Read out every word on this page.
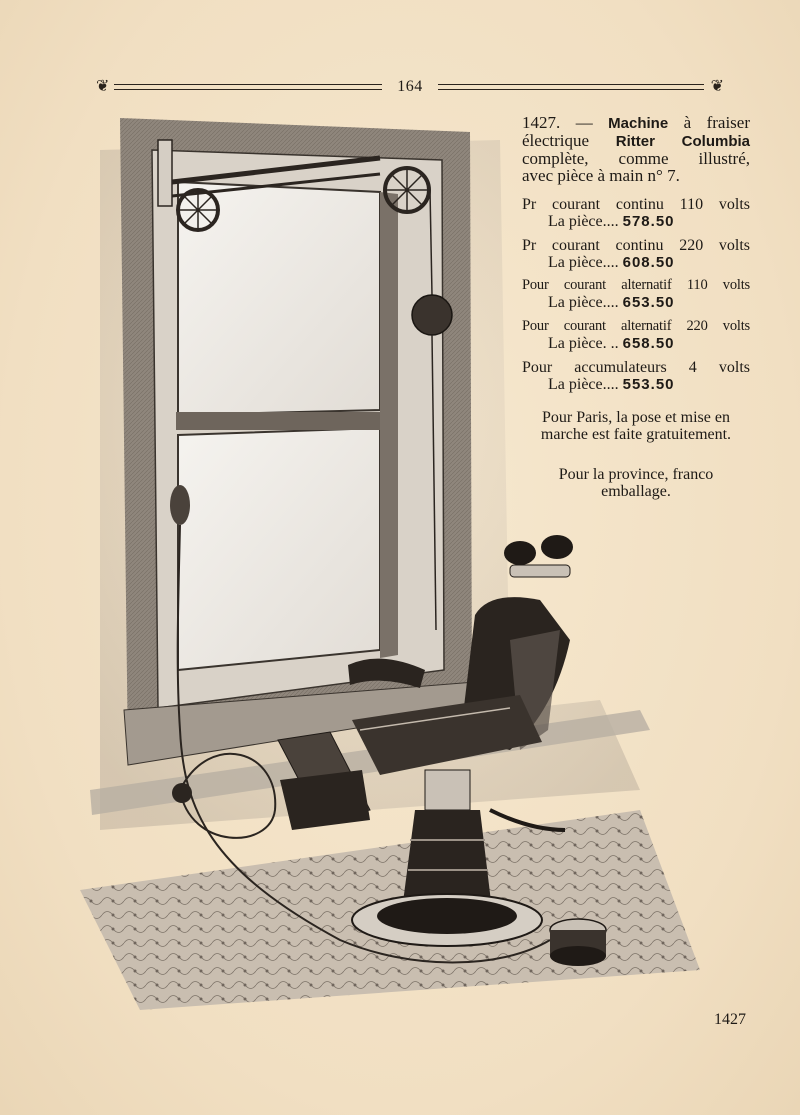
❦	164	❦
1427. — Machine à fraiser
électrique Ritter Columbia
complète, comme illustré,
avec pièce à main n° 7.
Pr courant continu 110 volts
La pièce.... 578.50
Pr courant continu 220 volts
La pièce.... 608.50
Pour courant alternatif 110 volts
La pièce.... 653.50
Pour courant alternatif 220 volts
La pièce. .. 658.50
Pour accumulateurs 4 volts
La pièce.... 553.50
Pour Paris, la pose et mise en marche est faite gratuitement.
Pour la province, franco emballage.
1427
